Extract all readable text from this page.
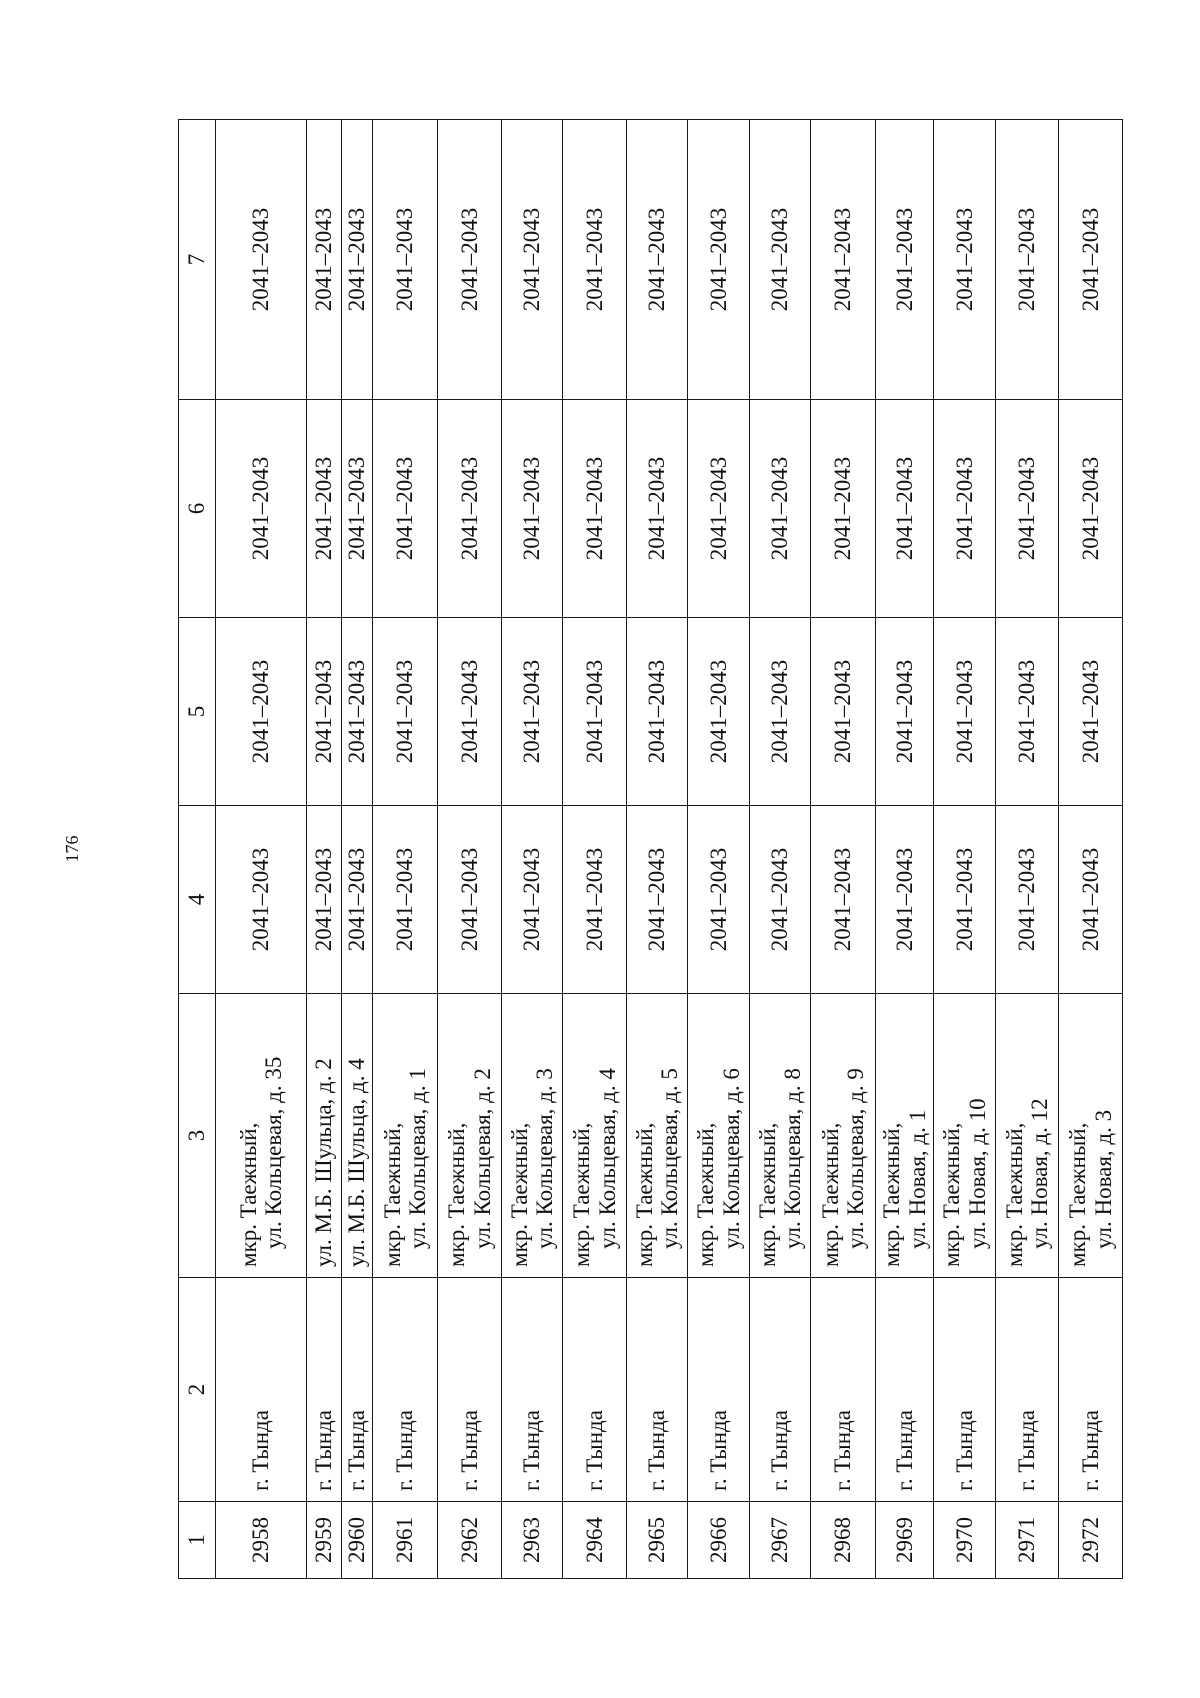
176
1	2	3	4	5	6	7
2958	г. Тында	мкр. Таежный, ул. Кольцевая, д. 35	2041–2043	2041–2043	2041–2043	2041–2043
2959	г. Тында	ул. М.Б. Шульца, д. 2	2041–2043	2041–2043	2041–2043	2041–2043
2960	г. Тында	ул. М.Б. Шульца, д. 4	2041–2043	2041–2043	2041–2043	2041–2043
2961	г. Тында	мкр. Таежный, ул. Кольцевая, д. 1	2041–2043	2041–2043	2041–2043	2041–2043
2962	г. Тында	мкр. Таежный, ул. Кольцевая, д. 2	2041–2043	2041–2043	2041–2043	2041–2043
2963	г. Тында	мкр. Таежный, ул. Кольцевая, д. 3	2041–2043	2041–2043	2041–2043	2041–2043
2964	г. Тында	мкр. Таежный, ул. Кольцевая, д. 4	2041–2043	2041–2043	2041–2043	2041–2043
2965	г. Тында	мкр. Таежный, ул. Кольцевая, д. 5	2041–2043	2041–2043	2041–2043	2041–2043
2966	г. Тында	мкр. Таежный, ул. Кольцевая, д. 6	2041–2043	2041–2043	2041–2043	2041–2043
2967	г. Тында	мкр. Таежный, ул. Кольцевая, д. 8	2041–2043	2041–2043	2041–2043	2041–2043
2968	г. Тында	мкр. Таежный, ул. Кольцевая, д. 9	2041–2043	2041–2043	2041–2043	2041–2043
2969	г. Тында	мкр. Таежный, ул. Новая, д. 1	2041–2043	2041–2043	2041–2043	2041–2043
2970	г. Тында	мкр. Таежный, ул. Новая, д. 10	2041–2043	2041–2043	2041–2043	2041–2043
2971	г. Тында	мкр. Таежный, ул. Новая, д. 12	2041–2043	2041–2043	2041–2043	2041–2043
2972	г. Тында	мкр. Таежный, ул. Новая, д. 3	2041–2043	2041–2043	2041–2043	2041–2043
